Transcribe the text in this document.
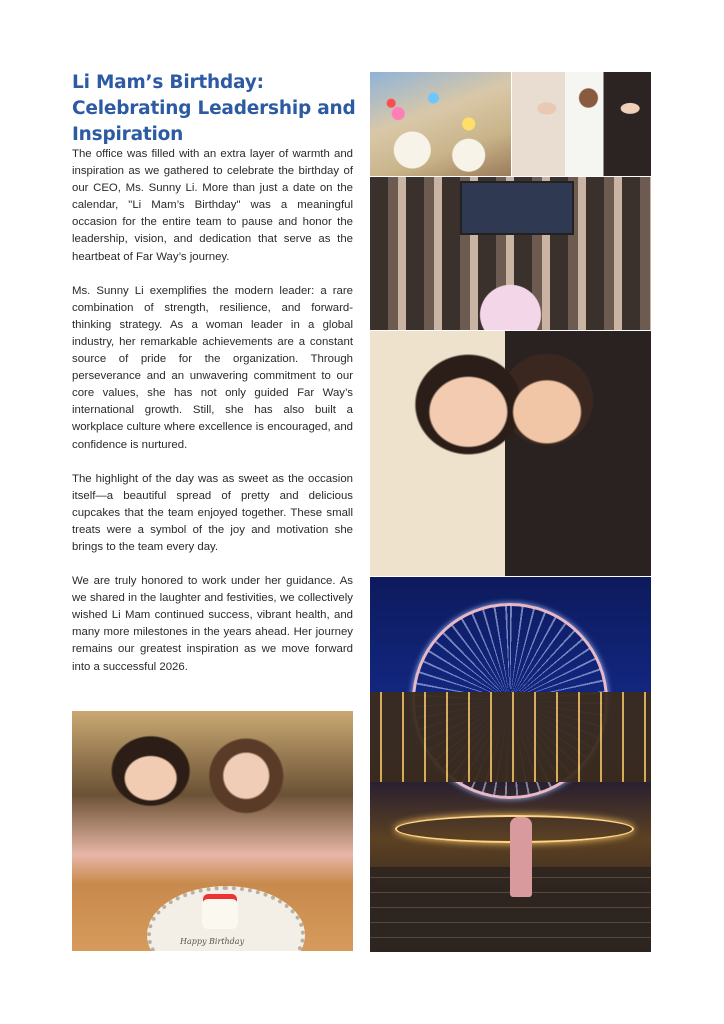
Li Mam’s Birthday: Celebrating Leadership and Inspiration

The office was filled with an extra layer of warmth and inspiration as we gathered to celebrate the birthday of our CEO, Ms. Sunny Li. More than just a date on the calendar, "Li Mam’s Birthday" was a meaningful occasion for the entire team to pause and honor the leadership, vision, and dedication that serve as the heartbeat of Far Way’s journey.

Ms. Sunny Li exemplifies the modern leader: a rare combination of strength, resilience, and forward-thinking strategy. As a woman leader in a global industry, her remarkable achievements are a constant source of pride for the organization. Through perseverance and an unwavering commitment to our core values, she has not only guided Far Way’s international growth. Still, she has also built a workplace culture where excellence is encouraged, and confidence is nurtured.

The highlight of the day was as sweet as the occasion itself—a beautiful spread of pretty and delicious cupcakes that the team enjoyed together. These small treats were a symbol of the joy and motivation she brings to the team every day.

We are truly honored to work under her guidance. As we shared in the laughter and festivities, we collectively wished Li Mam continued success, vibrant health, and many more milestones in the years ahead. Her journey remains our greatest inspiration as we move forward into a successful 2026.

Happy Birthday
